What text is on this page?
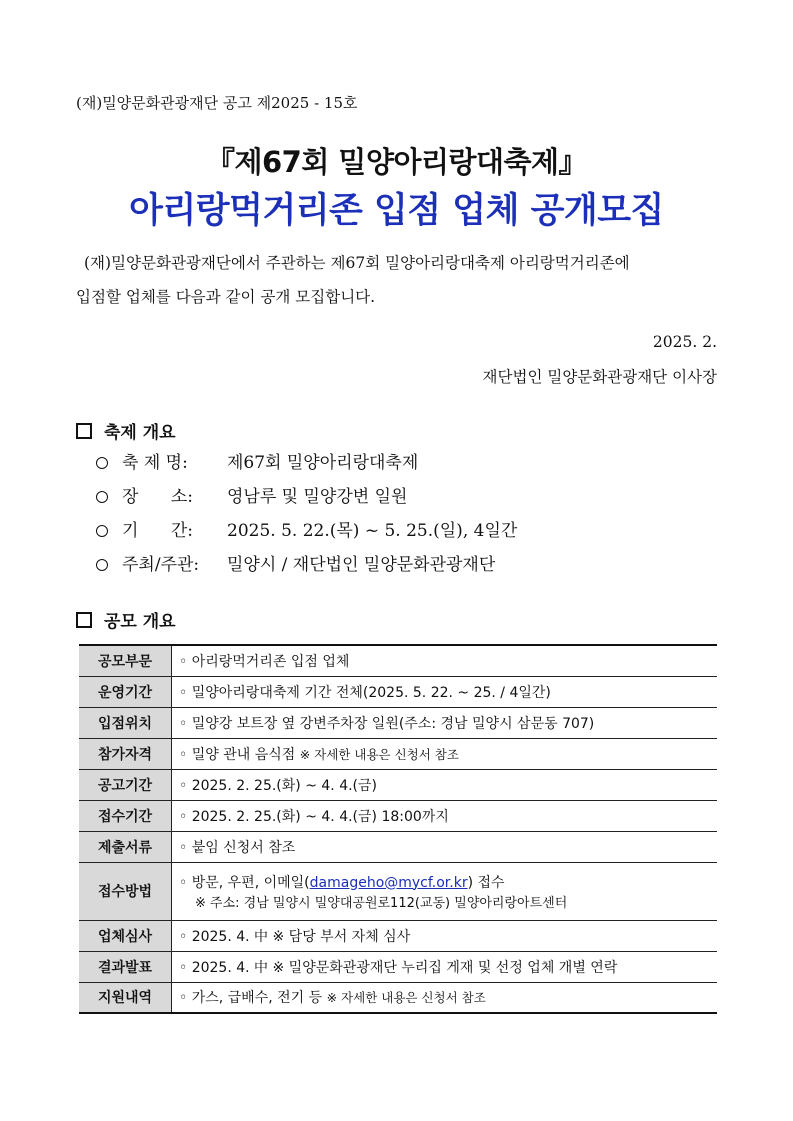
(재)밀양문화관광재단 공고 제2025 - 15호
『제67회 밀양아리랑대축제』
아리랑먹거리존 입점 업체 공개모집
(재)밀양문화관광재단에서 주관하는 제67회 밀양아리랑대축제 아리랑먹거리존에
입점할 업체를 다음과 같이 공개 모집합니다.
2025. 2.
재단법인 밀양문화관광재단 이사장
축제 개요
축 제 명:	제67회 밀양아리랑대축제
장      소:	영남루 및 밀양강변 일원
기      간:	2025. 5. 22.(목) ~ 5. 25.(일), 4일간
주최/주관:	밀양시 / 재단법인 밀양문화관광재단
공모 개요
공모부문	◦ 아리랑먹거리존 입점 업체
운영기간	◦ 밀양아리랑대축제 기간 전체(2025. 5. 22. ~ 25. / 4일간)
입점위치	◦ 밀양강 보트장 옆 강변주차장 일원(주소: 경남 밀양시 삼문동 707)
참가자격	◦ 밀양 관내 음식점 ※ 자세한 내용은 신청서 참조
공고기간	◦ 2025. 2. 25.(화) ~ 4. 4.(금)
접수기간	◦ 2025. 2. 25.(화) ~ 4. 4.(금) 18:00까지
제출서류	◦ 붙임 신청서 참조
접수방법	◦ 방문, 우편, 이메일(damageho@mycf.or.kr) 접수
※ 주소: 경남 밀양시 밀양대공원로112(교동) 밀양아리랑아트센터

업체심사	◦ 2025. 4. 中 ※ 담당 부서 자체 심사
결과발표	◦ 2025. 4. 中 ※ 밀양문화관광재단 누리집 게재 및 선정 업체 개별 연락
지원내역	◦ 가스, 급배수, 전기 등 ※ 자세한 내용은 신청서 참조
